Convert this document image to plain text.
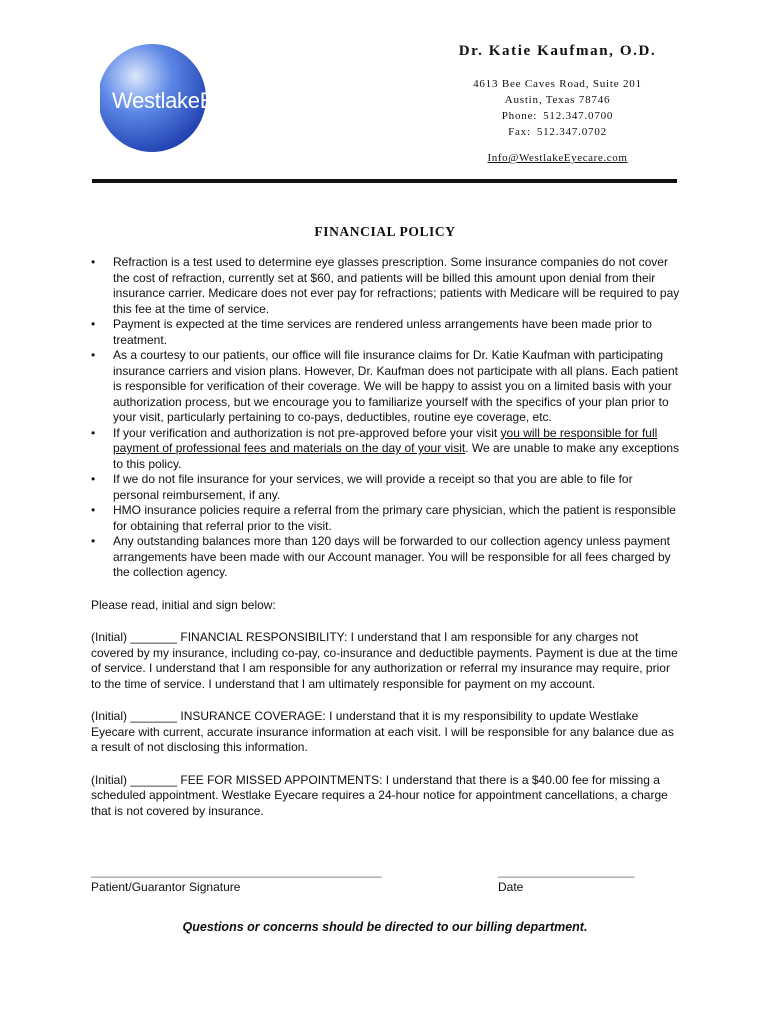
WestlakeEyecare
Dr. Katie Kaufman, O.D.
4613 Bee Caves Road, Suite 201
Austin, Texas 78746
Phone: 512.347.0700
Fax: 512.347.0702
Info@WestlakeEyecare.com
FINANCIAL POLICY
• Refraction is a test used to determine eye glasses prescription. Some insurance companies do not cover the cost of refraction, currently set at $60, and patients will be billed this amount upon denial from their insurance carrier. Medicare does not ever pay for refractions; patients with Medicare will be required to pay this fee at the time of service.
• Payment is expected at the time services are rendered unless arrangements have been made prior to treatment.
• As a courtesy to our patients, our office will file insurance claims for Dr. Katie Kaufman with participating insurance carriers and vision plans. However, Dr. Kaufman does not participate with all plans. Each patient is responsible for verification of their coverage. We will be happy to assist you on a limited basis with your authorization process, but we encourage you to familiarize yourself with the specifics of your plan prior to your visit, particularly pertaining to co-pays, deductibles, routine eye coverage, etc.
• If your verification and authorization is not pre-approved before your visit you will be responsible for full payment of professional fees and materials on the day of your visit. We are unable to make any exceptions to this policy.
• If we do not file insurance for your services, we will provide a receipt so that you are able to file for personal reimbursement, if any.
• HMO insurance policies require a referral from the primary care physician, which the patient is responsible for obtaining that referral prior to the visit.
• Any outstanding balances more than 120 days will be forwarded to our collection agency unless payment arrangements have been made with our Account manager. You will be responsible for all fees charged by the collection agency.
Please read, initial and sign below:
(Initial) _______ FINANCIAL RESPONSIBILITY: I understand that I am responsible for any charges not covered by my insurance, including co-pay, co-insurance and deductible payments. Payment is due at the time of service. I understand that I am responsible for any authorization or referral my insurance may require, prior to the time of service. I understand that I am ultimately responsible for payment on my account.
(Initial) _______ INSURANCE COVERAGE: I understand that it is my responsibility to update Westlake Eyecare with current, accurate insurance information at each visit. I will be responsible for any balance due as a result of not disclosing this information.
(Initial) _______ FEE FOR MISSED APPOINTMENTS: I understand that there is a $40.00 fee for missing a scheduled appointment. Westlake Eyecare requires a 24-hour notice for appointment cancellations, a charge that is not covered by insurance.
_______________________________________________
Patient/Guarantor Signature
______________________
Date
Questions or concerns should be directed to our billing department.
